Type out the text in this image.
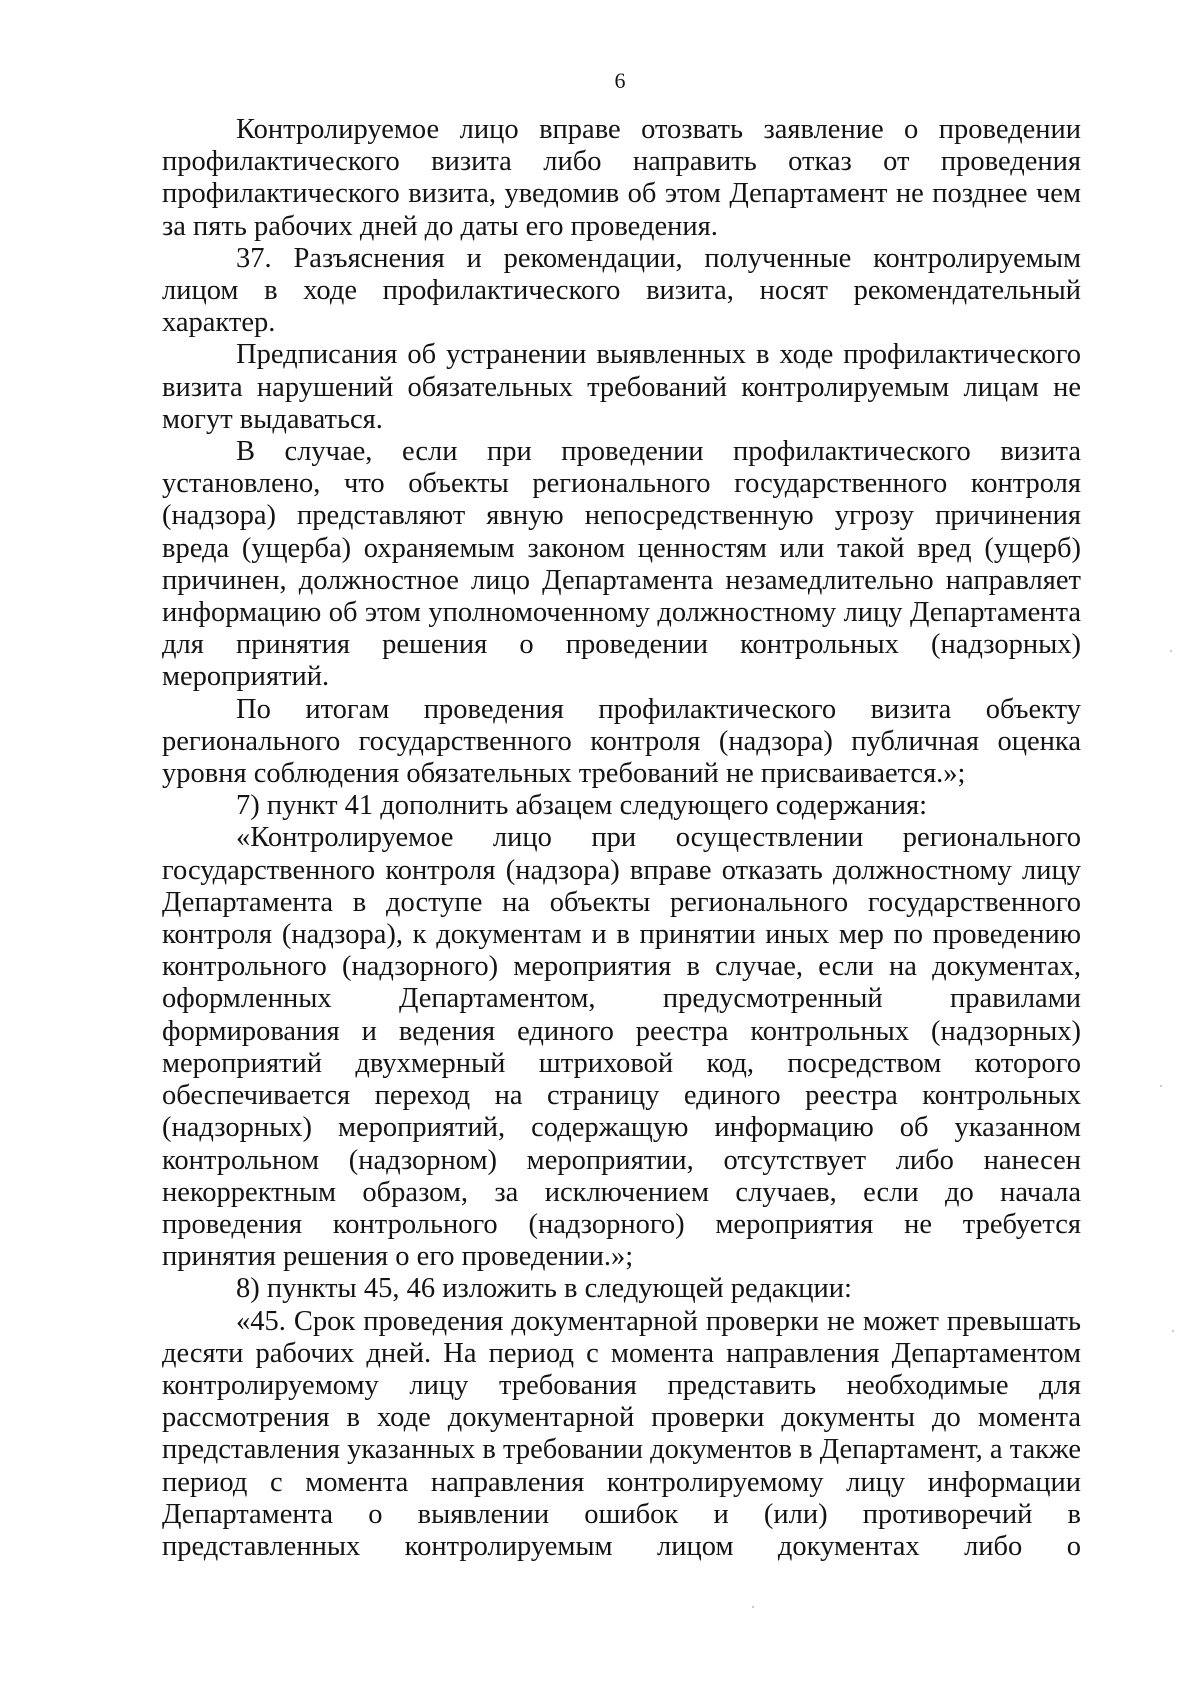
6

Контролируемое лицо вправе отозвать заявление о проведении профилактического визита либо направить отказ от проведения профилактического визита, уведомив об этом Департамент не позднее чем за пять рабочих дней до даты его проведения.

37. Разъяснения и рекомендации, полученные контролируемым лицом в ходе профилактического визита, носят рекомендательный характер.

Предписания об устранении выявленных в ходе профилактического визита нарушений обязательных требований контролируемым лицам не могут выдаваться.

В случае, если при проведении профилактического визита установлено, что объекты регионального государственного контроля (надзора) представляют явную непосредственную угрозу причинения вреда (ущерба) охраняемым законом ценностям или такой вред (ущерб) причинен, должностное лицо Департамента незамедлительно направляет информацию об этом уполномоченному должностному лицу Департамента для принятия решения о проведении контрольных (надзорных) мероприятий.

По итогам проведения профилактического визита объекту регионального государственного контроля (надзора) публичная оценка уровня соблюдения обязательных требований не присваивается.»;

7) пункт 41 дополнить абзацем следующего содержания:

«Контролируемое лицо при осуществлении регионального государственного контроля (надзора) вправе отказать должностному лицу Департамента в доступе на объекты регионального государственного контроля (надзора), к документам и в принятии иных мер по проведению контрольного (надзорного) мероприятия в случае, если на документах, оформленных Департаментом, предусмотренный правилами формирования и ведения единого реестра контрольных (надзорных) мероприятий двухмерный штриховой код, посредством которого обеспечивается переход на страницу единого реестра контрольных (надзорных) мероприятий, содержащую информацию об указанном контрольном (надзорном) мероприятии, отсутствует либо нанесен некорректным образом, за исключением случаев, если до начала проведения контрольного (надзорного) мероприятия не требуется принятия решения о его проведении.»;

8) пункты 45, 46 изложить в следующей редакции:

«45. Срок проведения документарной проверки не может превышать десяти рабочих дней. На период с момента направления Департаментом контролируемому лицу требования представить необходимые для рассмотрения в ходе документарной проверки документы до момента представления указанных в требовании документов в Департамент, а также период с момента направления контролируемому лицу информации Департамента о выявлении ошибок и (или) противоречий в представленных контролируемым лицом документах либо о
